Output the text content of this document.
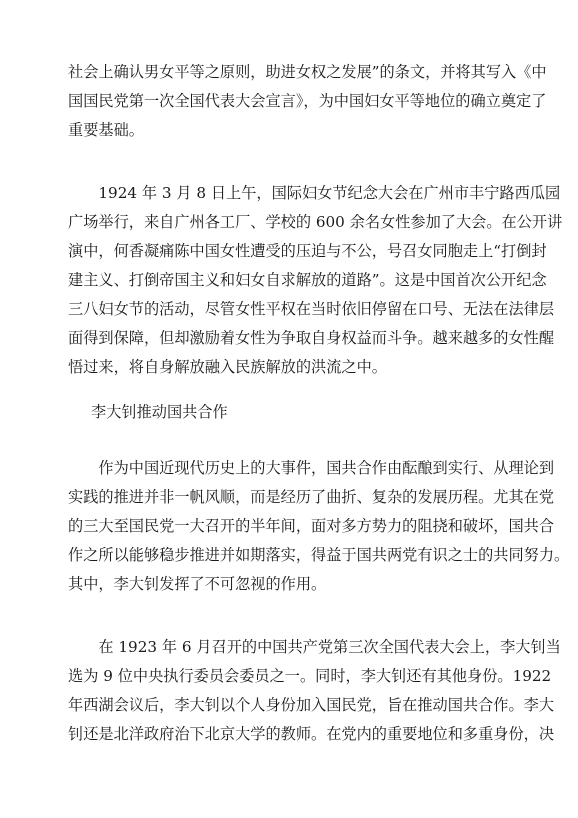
社会上确认男女平等之原则，助进女权之发展”的条文，并将其写入《中
国国民党第一次全国代表大会宣言》，为中国妇女平等地位的确立奠定了
重要基础。
　　1924 年 3 月 8 日上午，国际妇女节纪念大会在广州市丰宁路西瓜园
广场举行，来自广州各工厂、学校的 600 余名女性参加了大会。在公开讲
演中，何香凝痛陈中国女性遭受的压迫与不公，号召女同胞走上“打倒封
建主义、打倒帝国主义和妇女自求解放的道路”。这是中国首次公开纪念
三八妇女节的活动，尽管女性平权在当时依旧停留在口号、无法在法律层
面得到保障，但却激励着女性为争取自身权益而斗争。越来越多的女性醒
悟过来，将自身解放融入民族解放的洪流之中。
李大钊推动国共合作
　　作为中国近现代历史上的大事件，国共合作由酝酿到实行、从理论到
实践的推进并非一帆风顺，而是经历了曲折、复杂的发展历程。尤其在党
的三大至国民党一大召开的半年间，面对多方势力的阻挠和破坏，国共合
作之所以能够稳步推进并如期落实，得益于国共两党有识之士的共同努力。
其中，李大钊发挥了不可忽视的作用。
　　在 1923 年 6 月召开的中国共产党第三次全国代表大会上，李大钊当
选为 9 位中央执行委员会委员之一。同时，李大钊还有其他身份。1922
年西湖会议后，李大钊以个人身份加入国民党，旨在推动国共合作。李大
钊还是北洋政府治下北京大学的教师。在党内的重要地位和多重身份，决
